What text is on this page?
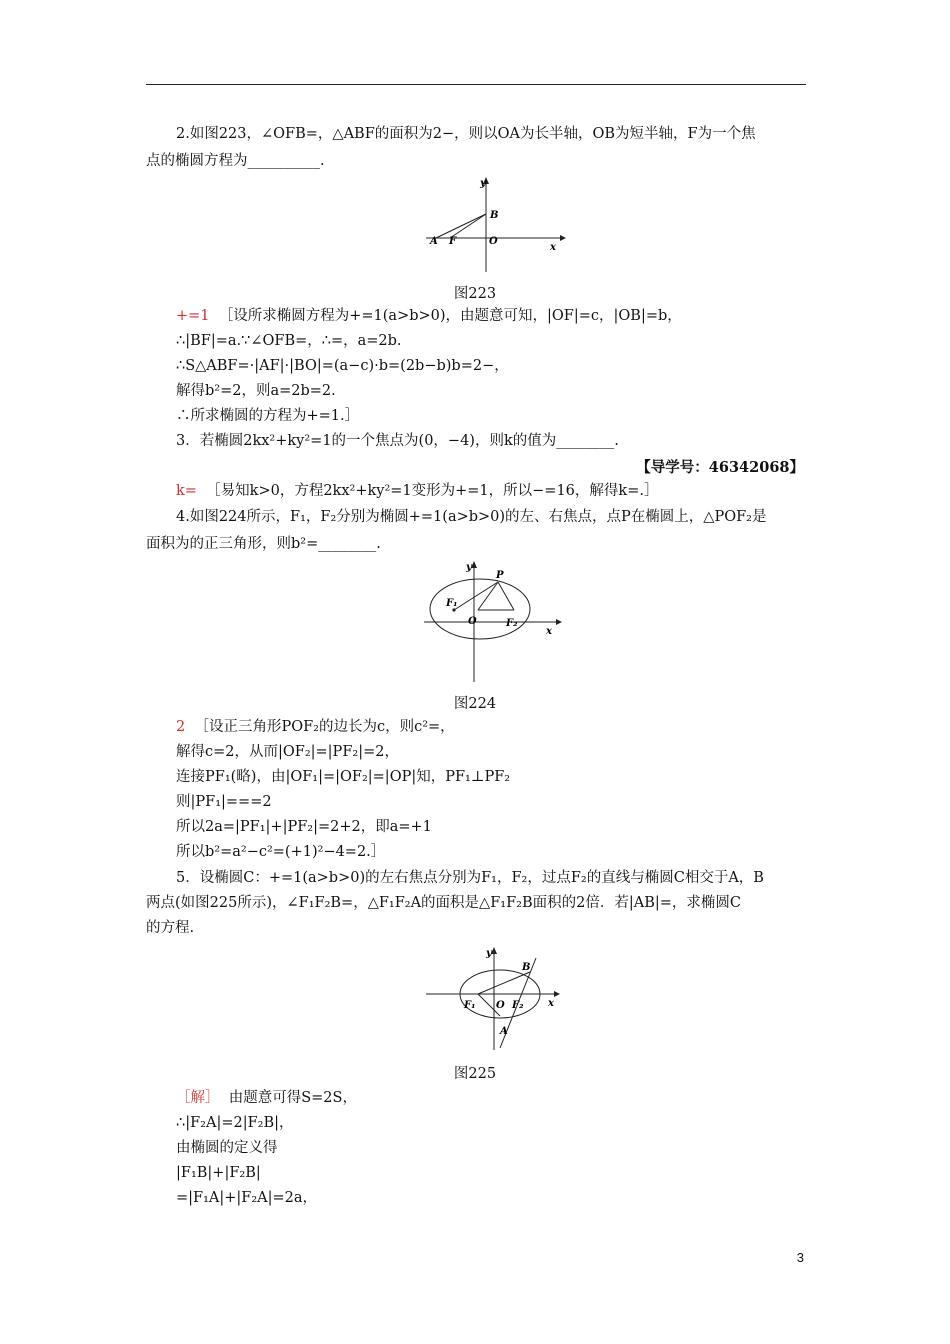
2.如图223，∠OFB=，△ABF的面积为2−，则以OA为长半轴，OB为短半轴，F为一个焦
点的椭圆方程为__________.
y
x
A F	O
B
图223
+=1 ［设所求椭圆方程为+=1(a>b>0)，由题意可知，|OF|=c，|OB|=b，
∴|BF|=a.∵∠OFB=，∴=，a=2b.
∴S△ABF=·|AF|·|BO|=(a−c)·b=(2b−b)b=2−，
解得b²=2，则a=2b=2.
∴所求椭圆的方程为+=1.］
3．若椭圆2kx²+ky²=1的一个焦点为(0，−4)，则k的值为________.
【导学号：46342068】
k= ［易知k>0，方程2kx²+ky²=1变形为+=1，所以−=16，解得k=.］
4.如图224所示，F₁，F₂分别为椭圆+=1(a>b>0)的左、右焦点，点P在椭圆上，△POF₂是
面积为的正三角形，则b²=________.
y
x
P
F₁
O	F₂
图224
2 ［设正三角形POF₂的边长为c，则c²=，
解得c=2，从而|OF₂|=|PF₂|=2，
连接PF₁(略)，由|OF₁|=|OF₂|=|OP|知，PF₁⊥PF₂
则|PF₁|===2
所以2a=|PF₁|+|PF₂|=2+2，即a=+1
所以b²=a²−c²=(+1)²−4=2.］
5．设椭圆C：+=1(a>b>0)的左右焦点分别为F₁，F₂，过点F₂的直线与椭圆C相交于A，B
两点(如图225所示)，∠F₁F₂B=，△F₁F₂A的面积是△F₁F₂B面积的2倍．若|AB|=，求椭圆C
的方程.
y
x
B
F₁ O F₂
A
图225
［解］ 由题意可得S=2S，
∴|F₂A|=2|F₂B|，
由椭圆的定义得
|F₁B|+|F₂B|
=|F₁A|+|F₂A|=2a，
3
